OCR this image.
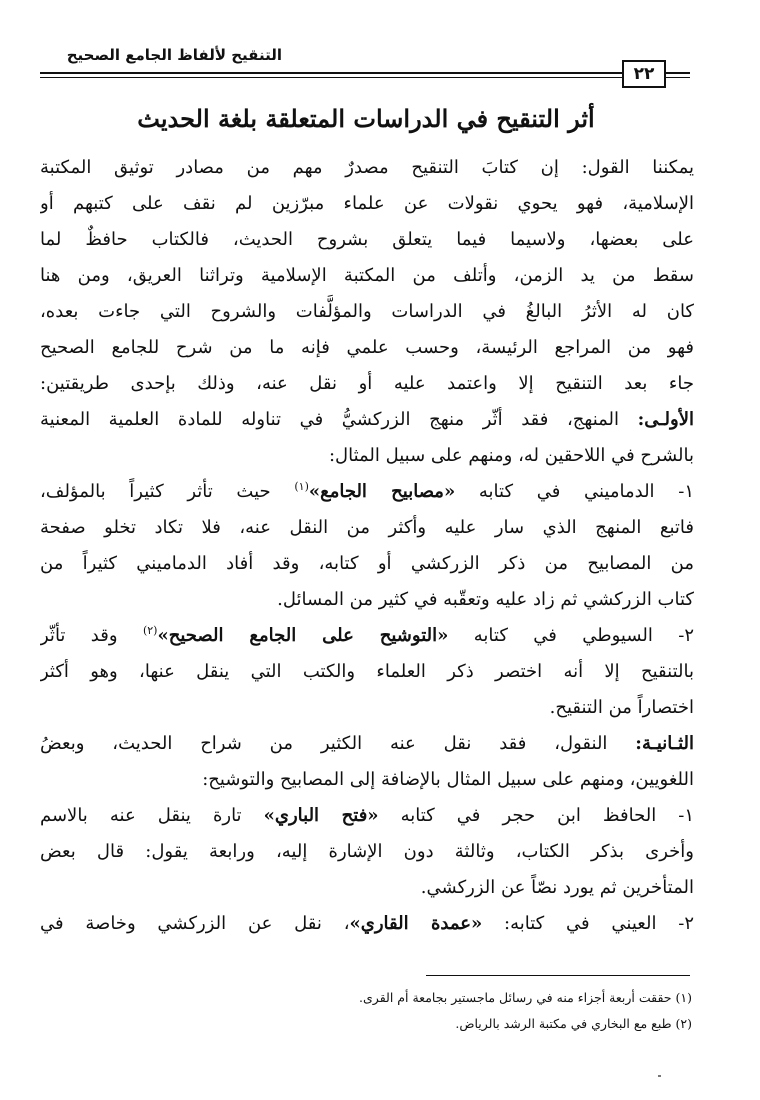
التنقيح لألفاظ الجامع الصحيح
٢٢
أثر التنقيح في الدراسات المتعلقة بلغة الحديث
يمكننا القول: إن كتابَ التنقيح مصدرٌ مهم من مصادر توثيق المكتبة
الإسلامية، فهو يحوي نقولات عن علماء مبرّزين لم نقف على كتبهم أو
على بعضها، ولاسيما فيما يتعلق بشروح الحديث، فالكتاب حافظٌ لما
سقط من يد الزمن، وأتلف من المكتبة الإسلامية وتراثنا العريق، ومن هنا
كان له الأثرُ البالغُ في الدراسات والمؤلَّفات والشروح التي جاءت بعده،
فهو من المراجع الرئيسة، وحسب علمي فإنه ما من شرح للجامع الصحيح
جاء بعد التنقيح إلا واعتمد عليه أو نقل عنه، وذلك بإحدى طريقتين:
الأولـى: المنهج، فقد أثّر منهج الزركشيُّ في تناوله للمادة العلمية المعنية
بالشرح في اللاحقين له، ومنهم على سبيل المثال:
١- الدماميني في كتابه «مصابيح الجامع»$^{(١)}$ حيث تأثر كثيراً بالمؤلف،
فاتبع المنهج الذي سار عليه وأكثر من النقل عنه، فلا تكاد تخلو صفحة
من المصابيح من ذكر الزركشي أو كتابه، وقد أفاد الدماميني كثيراً من
كتاب الزركشي ثم زاد عليه وتعقّبه في كثير من المسائل.
٢- السيوطي في كتابه «التوشيح على الجامع الصحيح»$^{(٢)}$ وقد تأثّر
بالتنقيح إلا أنه اختصر ذكر العلماء والكتب التي ينقل عنها، وهو أكثر
اختصاراً من التنقيح.
الثـانيـة: النقول، فقد نقل عنه الكثير من شراح الحديث، وبعضُ
اللغويين، ومنهم على سبيل المثال بالإضافة إلى المصابيح والتوشيح:
١- الحافظ ابن حجر في كتابه «فتح الباري» تارة ينقل عنه بالاسم
وأخرى بذكر الكتاب، وثالثة دون الإشارة إليه، ورابعة يقول: قال بعض
المتأخرين ثم يورد نصّاً عن الزركشي.
٢- العيني في كتابه: «عمدة القاري»، نقل عن الزركشي وخاصة في
(١) حققت أربعة أجزاء منه في رسائل ماجستير بجامعة أم القرى.
(٢) طبع مع البخاري في مكتبة الرشد بالرياض.
